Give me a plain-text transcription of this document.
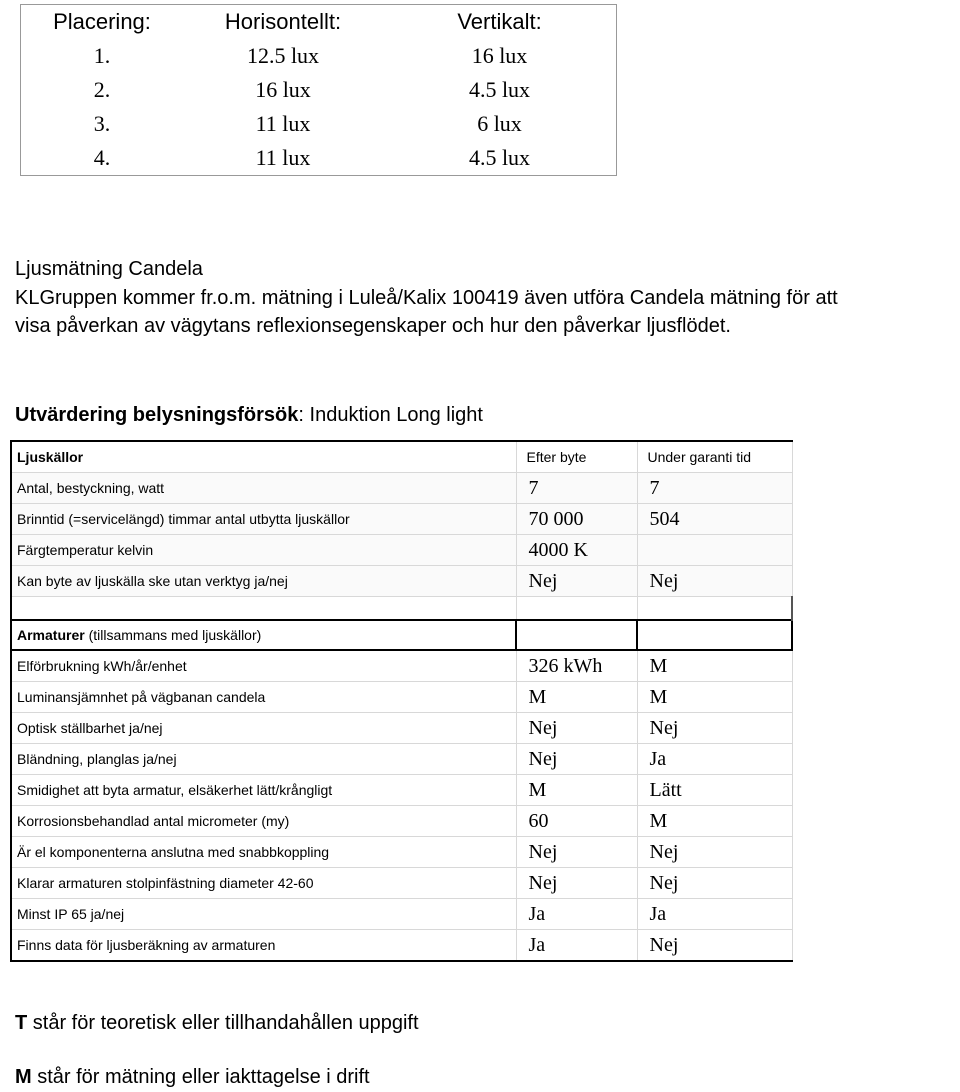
Placering:	Horisontellt:	Vertikalt:
1.	12.5 lux	16 lux
2.	16 lux	4.5 lux
3.	11 lux	6 lux
4.	11 lux	4.5 lux
Ljusmätning Candela
KLGruppen kommer fr.o.m. mätning i Luleå/Kalix 100419 även utföra Candela mätning för att
visa påverkan av vägytans reflexionsegenskaper och hur den påverkar ljusflödet.
Utvärdering belysningsförsök: Induktion Long light
Ljuskällor	Efter byte	Under garanti tid
Antal, bestyckning, watt	7	7
Brinntid (=servicelängd) timmar antal utbytta ljuskällor	70 000	504
Färgtemperatur kelvin	4000 K	
Kan byte av ljuskälla ske utan verktyg ja/nej	Nej	Nej

Armaturer (tillsammans med ljuskällor)		
Elförbrukning kWh/år/enhet	326 kWh	M
Luminansjämnhet på vägbanan candela	M	M
Optisk ställbarhet ja/nej	Nej	Nej
Bländning, planglas ja/nej	Nej	Ja
Smidighet att byta armatur, elsäkerhet lätt/krångligt	M	Lätt
Korrosionsbehandlad antal micrometer (my)	60	M
Är el komponenterna anslutna med snabbkoppling	Nej	Nej
Klarar armaturen stolpinfästning diameter 42-60	Nej	Nej
Minst IP 65 ja/nej	Ja	Ja
Finns data för ljusberäkning av armaturen	Ja	Nej
T står för teoretisk eller tillhandahållen uppgift
M står för mätning eller iakttagelse i drift
